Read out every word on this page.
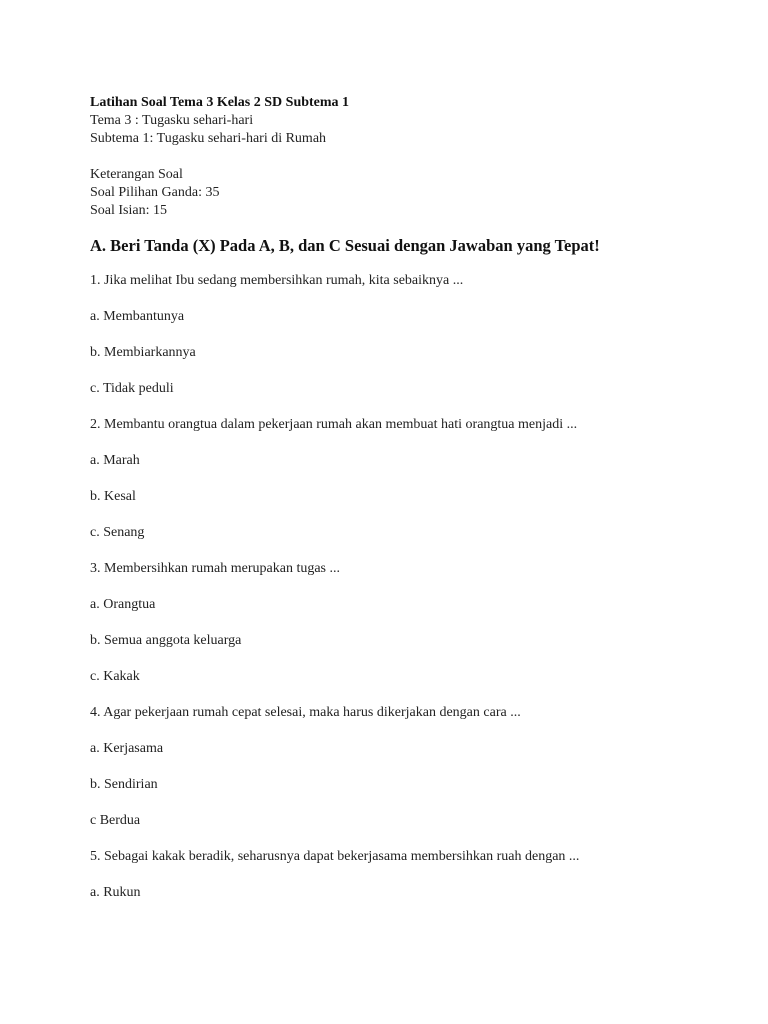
Latihan Soal Tema 3 Kelas 2 SD Subtema 1

Tema 3 : Tugasku sehari-hari

Subtema 1: Tugasku sehari-hari di Rumah

Keterangan Soal

Soal Pilihan Ganda: 35

Soal Isian: 15

A. Beri Tanda (X) Pada A, B, dan C Sesuai dengan Jawaban yang Tepat!

1. Jika melihat Ibu sedang membersihkan rumah, kita sebaiknya ...

a. Membantunya

b. Membiarkannya

c. Tidak peduli

2. Membantu orangtua dalam pekerjaan rumah akan membuat hati orangtua menjadi ...

a. Marah

b. Kesal

c. Senang

3. Membersihkan rumah merupakan tugas ...

a. Orangtua

b. Semua anggota keluarga

c. Kakak

4. Agar pekerjaan rumah cepat selesai, maka harus dikerjakan dengan cara ...

a. Kerjasama

b. Sendirian

c Berdua

5. Sebagai kakak beradik, seharusnya dapat bekerjasama membersihkan ruah dengan ...

a. Rukun
